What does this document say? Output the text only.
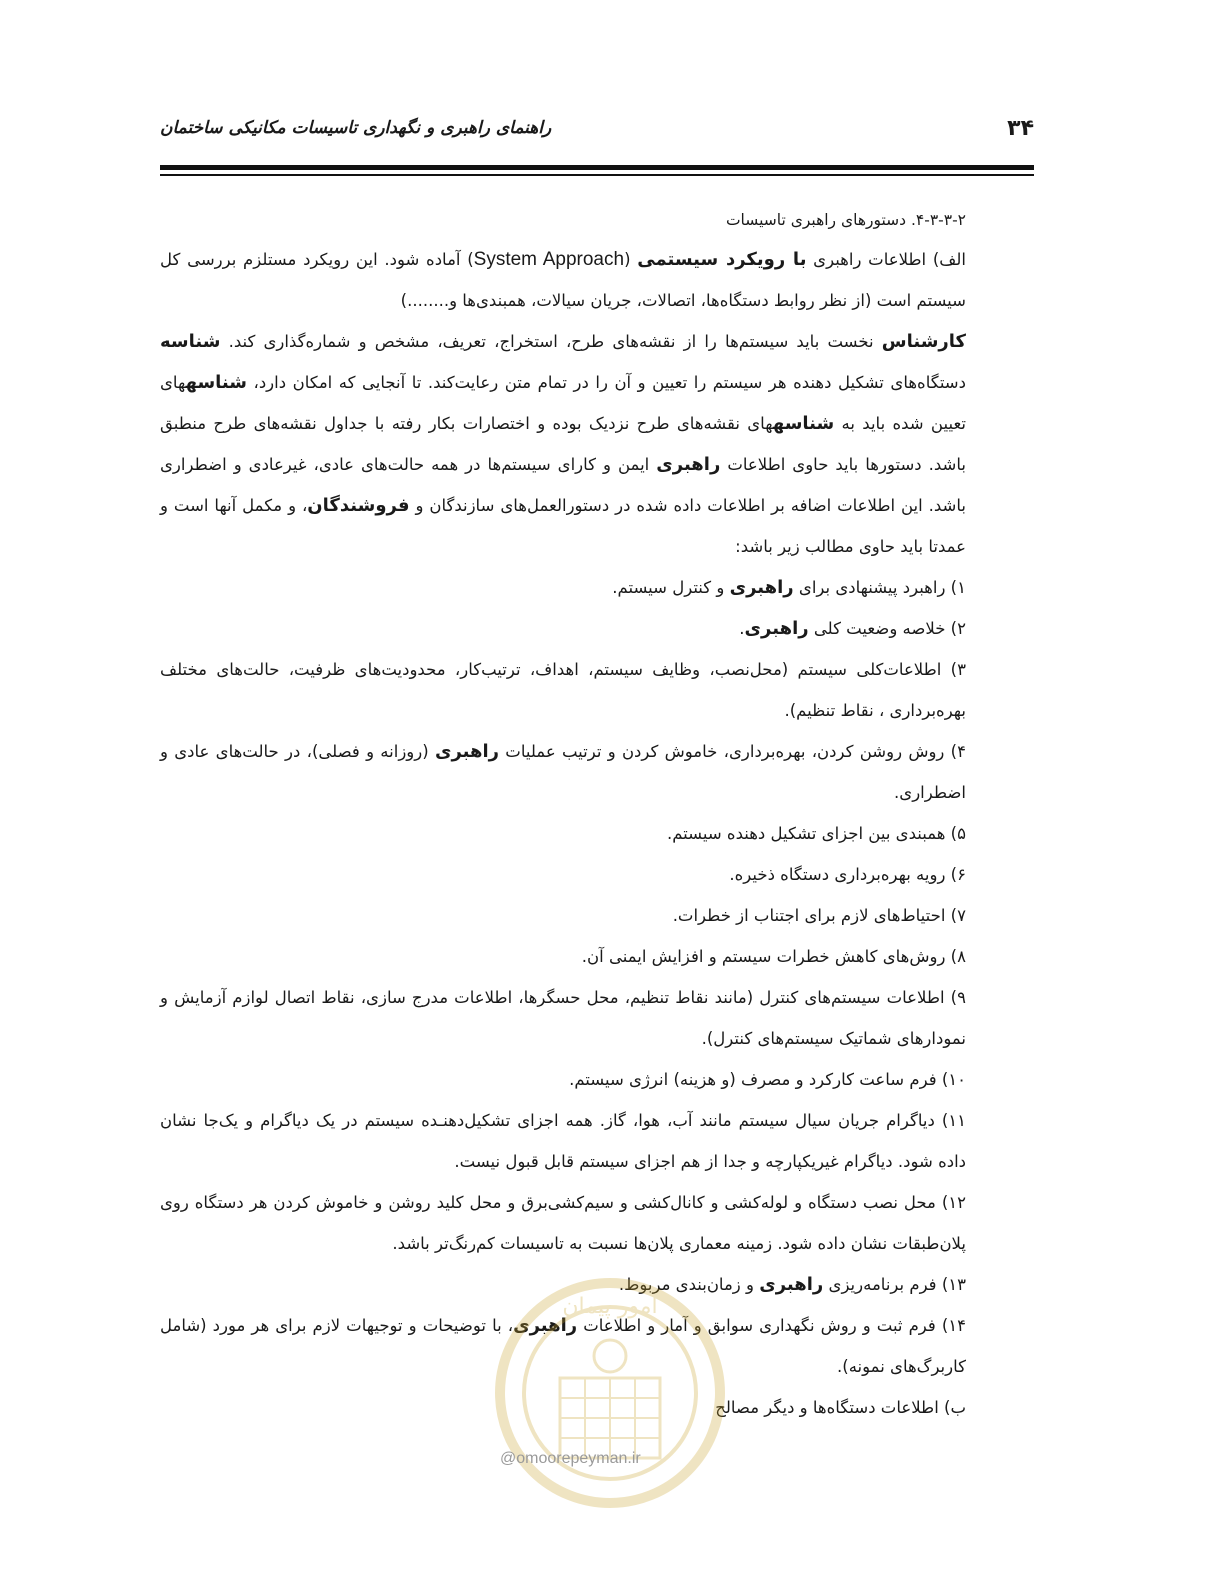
۳۴
راهنمای راهبری و نگهداری تاسیسات مکانیکی ساختمان

۴-۳-۳-۲. دستورهای راهبری تاسیسات

الف) اطلاعات راهبری با رویکرد سیستمی (System Approach) آماده شود. این رویکرد مستلزم بررسی کل سیستم است (از نظر روابط دستگاه‌ها، اتصالات، جریان سیالات، همبندی‌ها و........)

کارشناس نخست باید سیستم‌ها را از نقشه‌های طرح، استخراج، تعریف، مشخص و شماره‌گذاری کند. شناسه دستگاه‌های تشکیل دهنده هر سیستم را تعیین و آن را در تمام متن رعایت‌کند. تا آنجایی که امکان دارد، شناسههای تعیین شده باید به شناسههای نقشه‌های طرح نزدیک بوده و اختصارات بکار رفته با جداول نقشه‌های طرح منطبق باشد. دستورها باید حاوی اطلاعات راهبری ایمن و کارای سیستم‌ها در همه حالت‌های عادی، غیرعادی و اضطراری باشد. این اطلاعات اضافه بر اطلاعات داده شده در دستورالعمل‌های سازندگان و فروشندگان، و مکمل آنها است و عمدتا باید حاوی مطالب زیر باشد:

۱) راهبرد پیشنهادی برای راهبری و کنترل سیستم.

۲) خلاصه وضعیت کلی راهبری.

۳) اطلاعات‌کلی سیستم (محل‌نصب، وظایف سیستم، اهداف، ترتیب‌کار، محدودیت‌های ظرفیت، حالت‌های مختلف بهره‌برداری ، نقاط تنظیم).

۴) روش روشن کردن، بهره‌برداری، خاموش کردن و ترتیب عملیات راهبری (روزانه و فصلی)، در حالت‌های عادی و اضطراری.

۵) همبندی بین اجزای تشکیل دهنده سیستم.

۶) رویه بهره‌برداری دستگاه ذخیره.

۷) احتیاط‌های لازم برای اجتناب از خطرات.

۸) روش‌های کاهش خطرات سیستم و افزایش ایمنی آن.

۹) اطلاعات سیستم‌های کنترل (مانند نقاط تنظیم، محل حسگرها، اطلاعات مدرج سازی، نقاط اتصال لوازم آزمایش و نمودارهای شماتیک سیستم‌های کنترل).

۱۰) فرم ساعت کارکرد و مصرف (و هزینه) انرژی سیستم.

۱۱) دیاگرام جریان سیال سیستم مانند آب، هوا، گاز. همه اجزای تشکیل‌دهنـده سیستم در یک دیاگرام و یک‌جا نشان داده شود. دیاگرام غیریکپارچه و جدا از هم اجزای سیستم قابل قبول نیست.

۱۲) محل نصب دستگاه و لوله‌کشی و کانال‌کشی و سیم‌کشی‌برق و محل کلید روشن و خاموش کردن هر دستگاه روی پلان‌طبقات نشان داده شود. زمینه معماری پلان‌ها نسبت به تاسیسات کم‌رنگ‌تر باشد.

۱۳) فرم برنامه‌ریزی راهبری و زمان‌بندی مربوط.

۱۴) فرم ثبت و روش نگهداری سوابق و آمار و اطلاعات راهبری، با توضیحات و توجیهات لازم برای هر مورد (شامل کاربرگ‌های نمونه).

ب) اطلاعات دستگاه‌ها و دیگر مصالح

امور پیمان
@omoorepeyman.ir
